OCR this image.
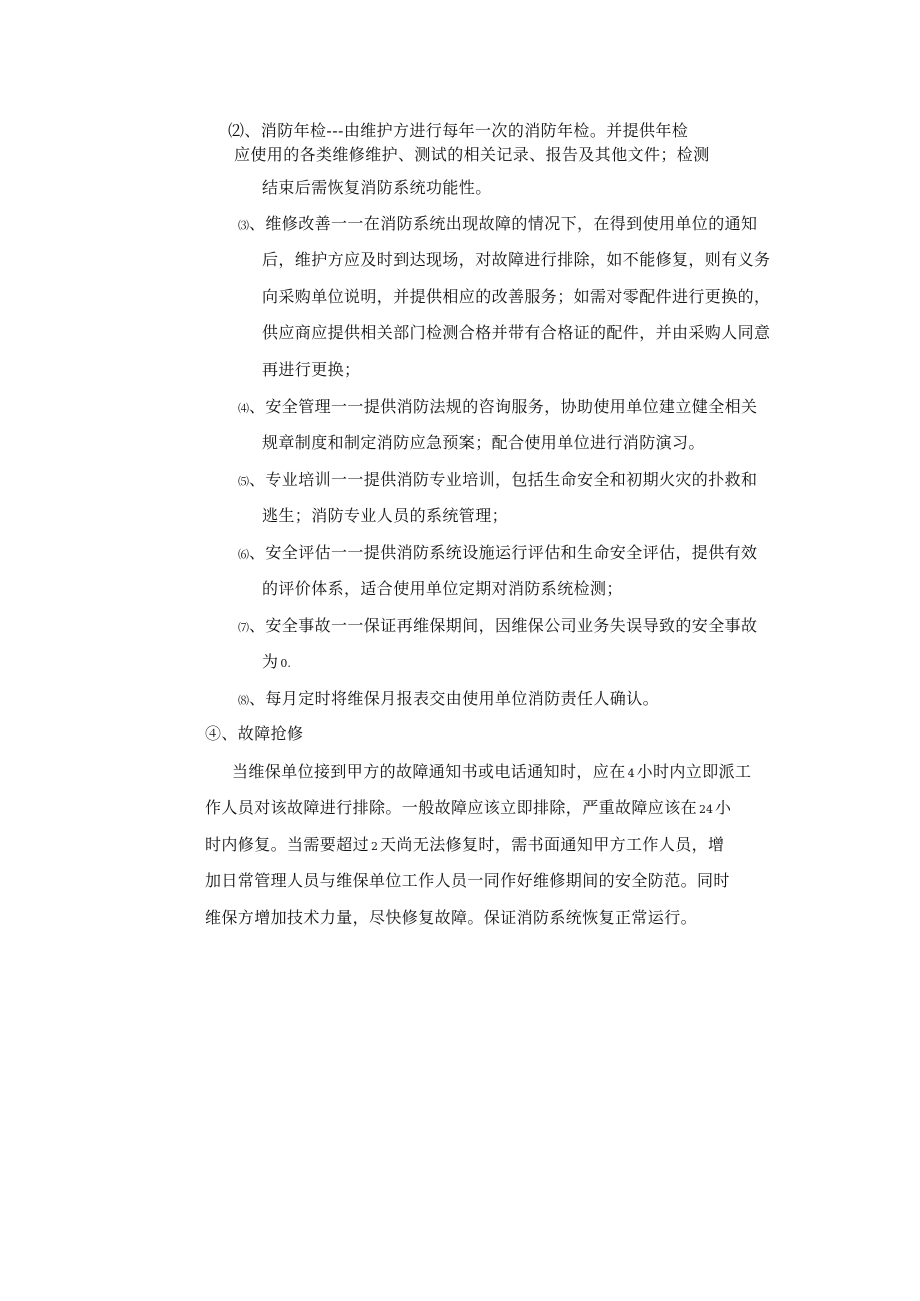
⑵、消防年检---由维护方进行每年一次的消防年检。并提供年检
应使用的各类维修维护、测试的相关记录、报告及其他文件；检测
结束后需恢复消防系统功能性。
⑶、维修改善一一在消防系统出现故障的情况下，在得到使用单位的通知
后，维护方应及时到达现场，对故障进行排除，如不能修复，则有义务
向采购单位说明，并提供相应的改善服务；如需对零配件进行更换的，
供应商应提供相关部门检测合格并带有合格证的配件，并由采购人同意
再进行更换；
⑷、安全管理一一提供消防法规的咨询服务，协助使用单位建立健全相关
规章制度和制定消防应急预案；配合使用单位进行消防演习。
⑸、专业培训一一提供消防专业培训，包括生命安全和初期火灾的扑救和
逃生；消防专业人员的系统管理；
⑹、安全评估一一提供消防系统设施运行评估和生命安全评估，提供有效
的评价体系，适合使用单位定期对消防系统检测；
⑺、安全事故一一保证再维保期间，因维保公司业务失误导致的安全事故
为 0.
⑻、每月定时将维保月报表交由使用单位消防责任人确认。
④、故障抢修
当维保单位接到甲方的故障通知书或电话通知时，应在 4 小时内立即派工
作人员对该故障进行排除。一般故障应该立即排除，严重故障应该在 24 小
时内修复。当需要超过 2 天尚无法修复时，需书面通知甲方工作人员，增
加日常管理人员与维保单位工作人员一同作好维修期间的安全防范。同时
维保方增加技术力量，尽快修复故障。保证消防系统恢复正常运行。
